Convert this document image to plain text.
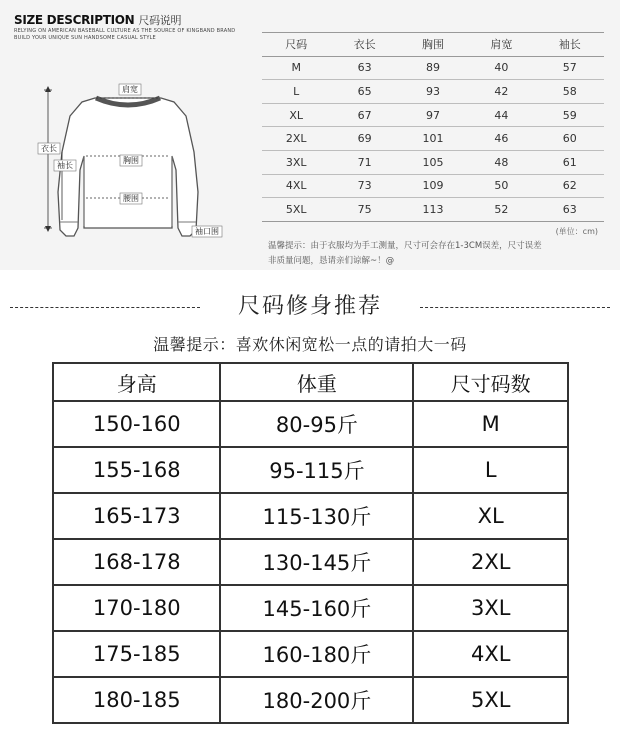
SIZE DESCRIPTION 尺码说明
RELYING ON AMERICAN BASEBALL CULTURE AS THE SOURCE OF KINGBAND BRAND
BUILD YOUR UNIQUE SUN HANDSOME CASUAL STYLE
肩宽
衣长
袖长
胸围
腰围
袖口围
尺码	衣长	胸围	肩宽	袖长
M	63	89	40	57
L	65	93	42	58
XL	67	97	44	59
2XL	69	101	46	60
3XL	71	105	48	61
4XL	73	109	50	62
5XL	75	113	52	63
(单位：cm)
温馨提示：由于衣服均为手工测量，尺寸可会存在1-3CM误差，尺寸误差
非质量问题，恳请亲们谅解~！@
尺码修身推荐
温馨提示：喜欢休闲宽松一点的请拍大一码
身高	体重	尺寸码数
150-160	80-95斤	M
155-168	95-115斤	L
165-173	115-130斤	XL
168-178	130-145斤	2XL
170-180	145-160斤	3XL
175-185	160-180斤	4XL
180-185	180-200斤	5XL
